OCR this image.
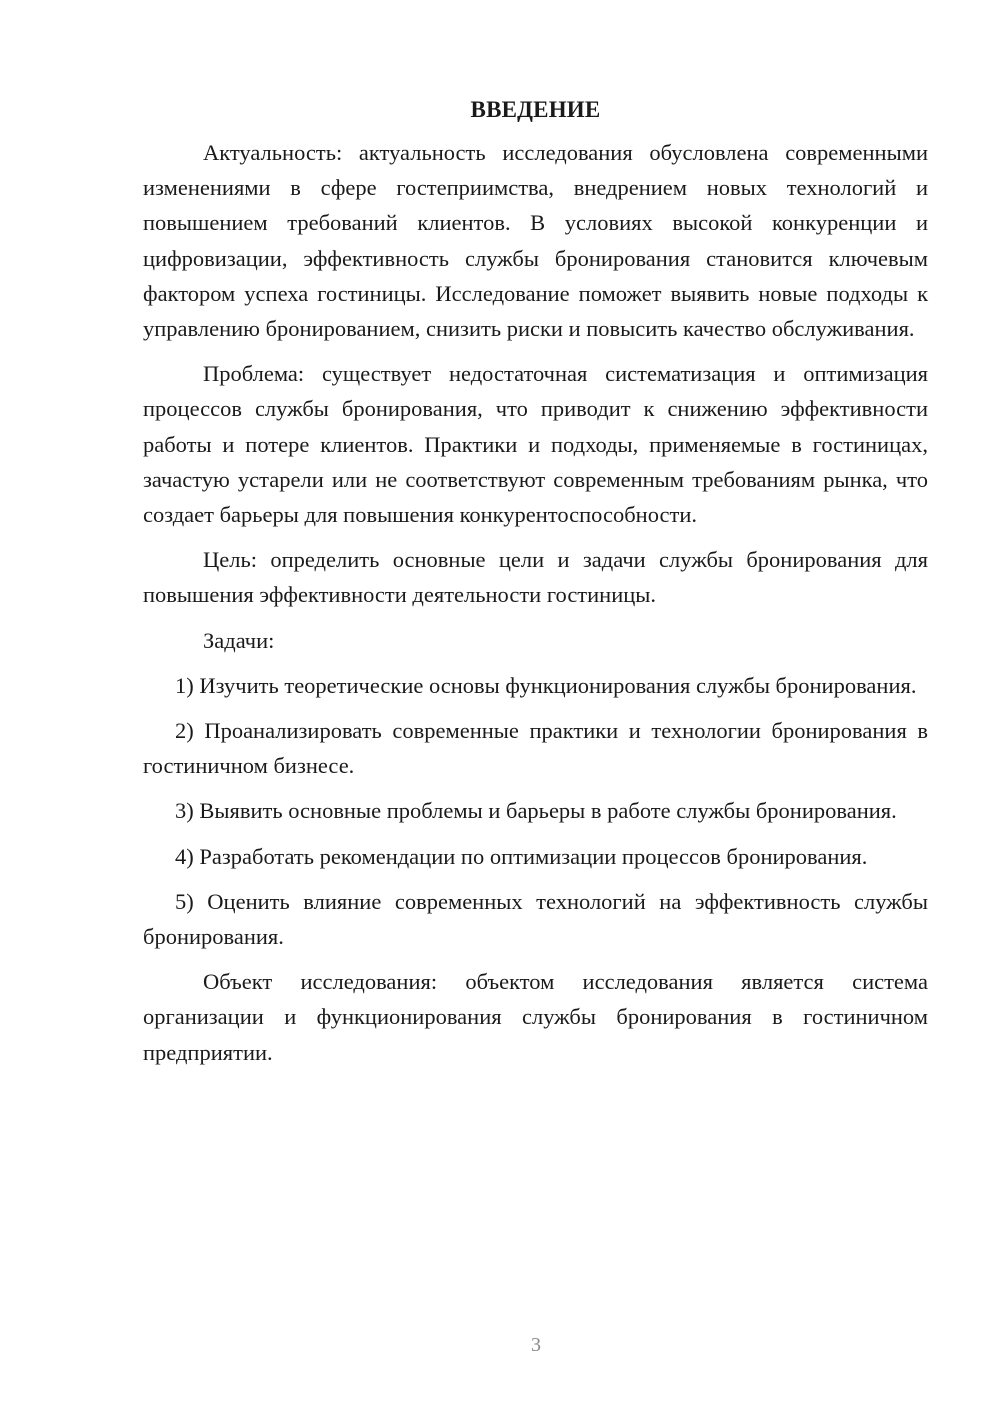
ВВЕДЕНИЕ

Актуальность: актуальность исследования обусловлена современными изменениями в сфере гостеприимства, внедрением новых технологий и повышением требований клиентов. В условиях высокой конкуренции и цифровизации, эффективность службы бронирования становится ключевым фактором успеха гостиницы. Исследование поможет выявить новые подходы к управлению бронированием, снизить риски и повысить качество обслуживания.

Проблема: существует недостаточная систематизация и оптимизация процессов службы бронирования, что приводит к снижению эффективности работы и потере клиентов. Практики и подходы, применяемые в гостиницах, зачастую устарели или не соответствуют современным требованиям рынка, что создает барьеры для повышения конкурентоспособности.

Цель: определить основные цели и задачи службы бронирования для повышения эффективности деятельности гостиницы.

Задачи:

1) Изучить теоретические основы функционирования службы бронирования.

2) Проанализировать современные практики и технологии бронирования в гостиничном бизнесе.

3) Выявить основные проблемы и барьеры в работе службы бронирования.

4) Разработать рекомендации по оптимизации процессов бронирования.

5) Оценить влияние современных технологий на эффективность службы бронирования.

Объект исследования: объектом исследования является система организации и функционирования службы бронирования в гостиничном предприятии.

3
